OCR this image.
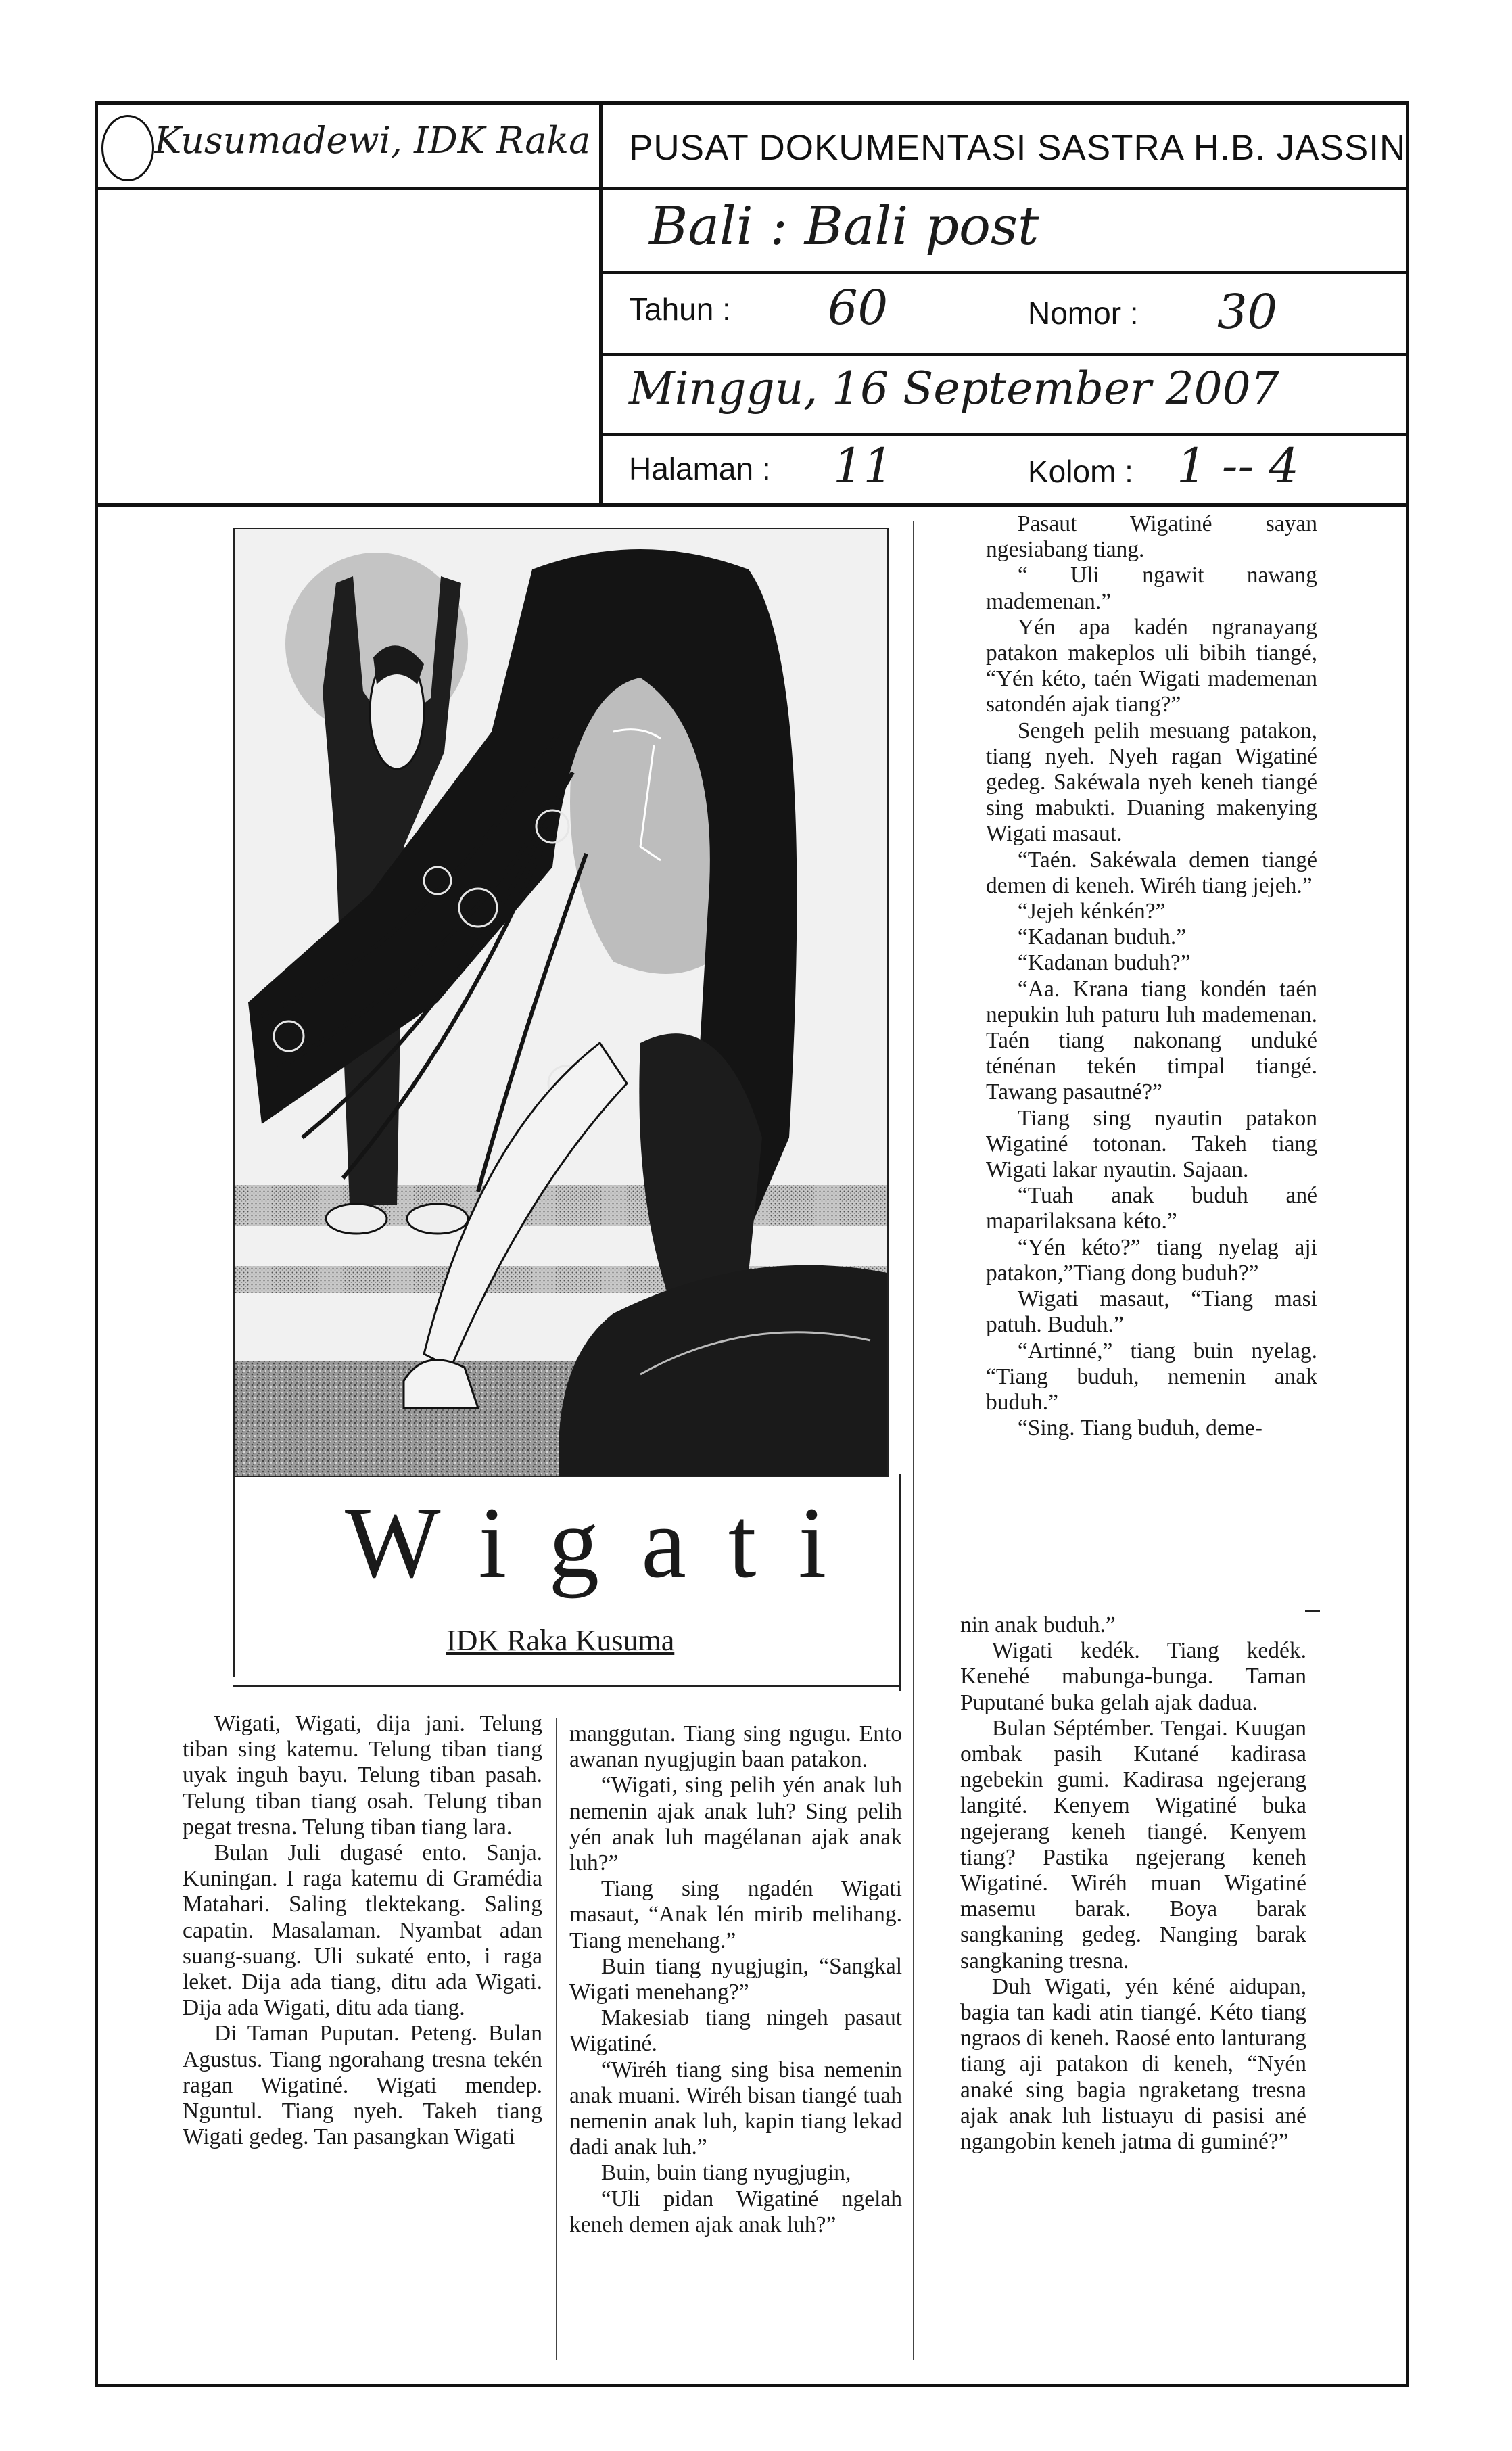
Kusumadewi, IDK Raka PUSAT DOKUMENTASI SASTRA H.B. JASSIN
Bali : Bali post
Tahun : 60	Nomor : 30
Minggu, 16 September 2007
Halaman : 11	Kolom : 1 -- 4
Wigati
IDK Raka Kusuma

Wigati, Wigati, dija jani. Telung tiban sing katemu. Telung tiban tiang uyak inguh bayu. Telung tiban pasah. Telung tiban tiang osah. Telung tiban pegat tresna. Telung tiban tiang lara.

Bulan Juli dugasé ento. Sanja. Kuningan. I raga katemu di Gramédia Matahari. Saling tlektekang. Saling capatin. Masalaman. Nyambat adan suang-suang. Uli sukaté ento, i raga leket. Dija ada tiang, ditu ada Wigati. Dija ada Wigati, ditu ada tiang.

Di Taman Puputan. Peteng. Bulan Agustus. Tiang ngorahang tresna tekén ragan Wigatiné. Wigati mendep. Nguntul. Tiang nyeh. Takeh tiang Wigati gedeg. Tan pasangkan Wigati

manggutan. Tiang sing ngugu. Ento awanan nyugjugin baan patakon.

“Wigati, sing pelih yén anak luh nemenin ajak anak luh? Sing pelih yén anak luh magélanan ajak anak luh?”

Tiang sing ngadén Wigati masaut, “Anak lén mirib melihang. Tiang menehang.”

Buin tiang nyugjugin, “Sangkal Wigati menehang?”

Makesiab tiang ningeh pasaut Wigatiné.

“Wiréh tiang sing bisa nemenin anak muani. Wiréh bisan tiangé tuah nemenin anak luh, kapin tiang lekad dadi anak luh.”

Buin, buin tiang nyugjugin,

“Uli pidan Wigatiné ngelah keneh demen ajak anak luh?”

Pasaut Wigatiné sayan ngesiabang tiang.

“ Uli ngawit nawang mademenan.”

Yén apa kadén ngranayang patakon makeplos uli bibih tiangé, “Yén kéto, taén Wigati mademenan satondén ajak tiang?”

Sengeh pelih mesuang patakon, tiang nyeh. Nyeh ragan Wigatiné gedeg. Sakéwala nyeh keneh tiangé sing mabukti. Duaning makenying Wigati masaut.

“Taén. Sakéwala demen tiangé demen di keneh. Wiréh tiang jejeh.”

“Jejeh kénkén?”

“Kadanan buduh.”

“Kadanan buduh?”

“Aa. Krana tiang kondén taén nepukin luh paturu luh mademenan. Taén tiang nakonang unduké ténénan tekén timpal tiangé. Tawang pasautné?”

Tiang sing nyautin patakon Wigatiné totonan. Takeh tiang Wigati lakar nyautin. Sajaan.

“Tuah anak buduh ané maparilaksana kéto.”

“Yén kéto?” tiang nyelag aji patakon,”Tiang dong buduh?”

Wigati masaut, “Tiang masi patuh. Buduh.”

“Artinné,” tiang buin nyelag. “Tiang buduh, nemenin anak buduh.”

“Sing. Tiang buduh, deme-

nin anak buduh.”

Wigati kedék. Tiang kedék. Kenehé mabunga-bunga. Taman Puputané buka gelah ajak dadua.

Bulan Séptémber. Tengai. Kuugan ombak pasih Kutané kadirasa ngebekin gumi. Kadirasa ngejerang langité. Kenyem Wigatiné buka ngejerang keneh tiangé. Kenyem tiang? Pastika ngejerang keneh Wigatiné. Wiréh muan Wigatiné masemu barak. Boya barak sangkaning gedeg. Nanging barak sangkaning tresna.

Duh Wigati, yén kéné aidupan, bagia tan kadi atin tiangé. Kéto tiang ngraos di keneh. Raosé ento lanturang tiang aji patakon di keneh, “Nyén anaké sing bagia ngraketang tresna ajak anak luh listuayu di pasisi ané ngangobin keneh jatma di guminé?”
